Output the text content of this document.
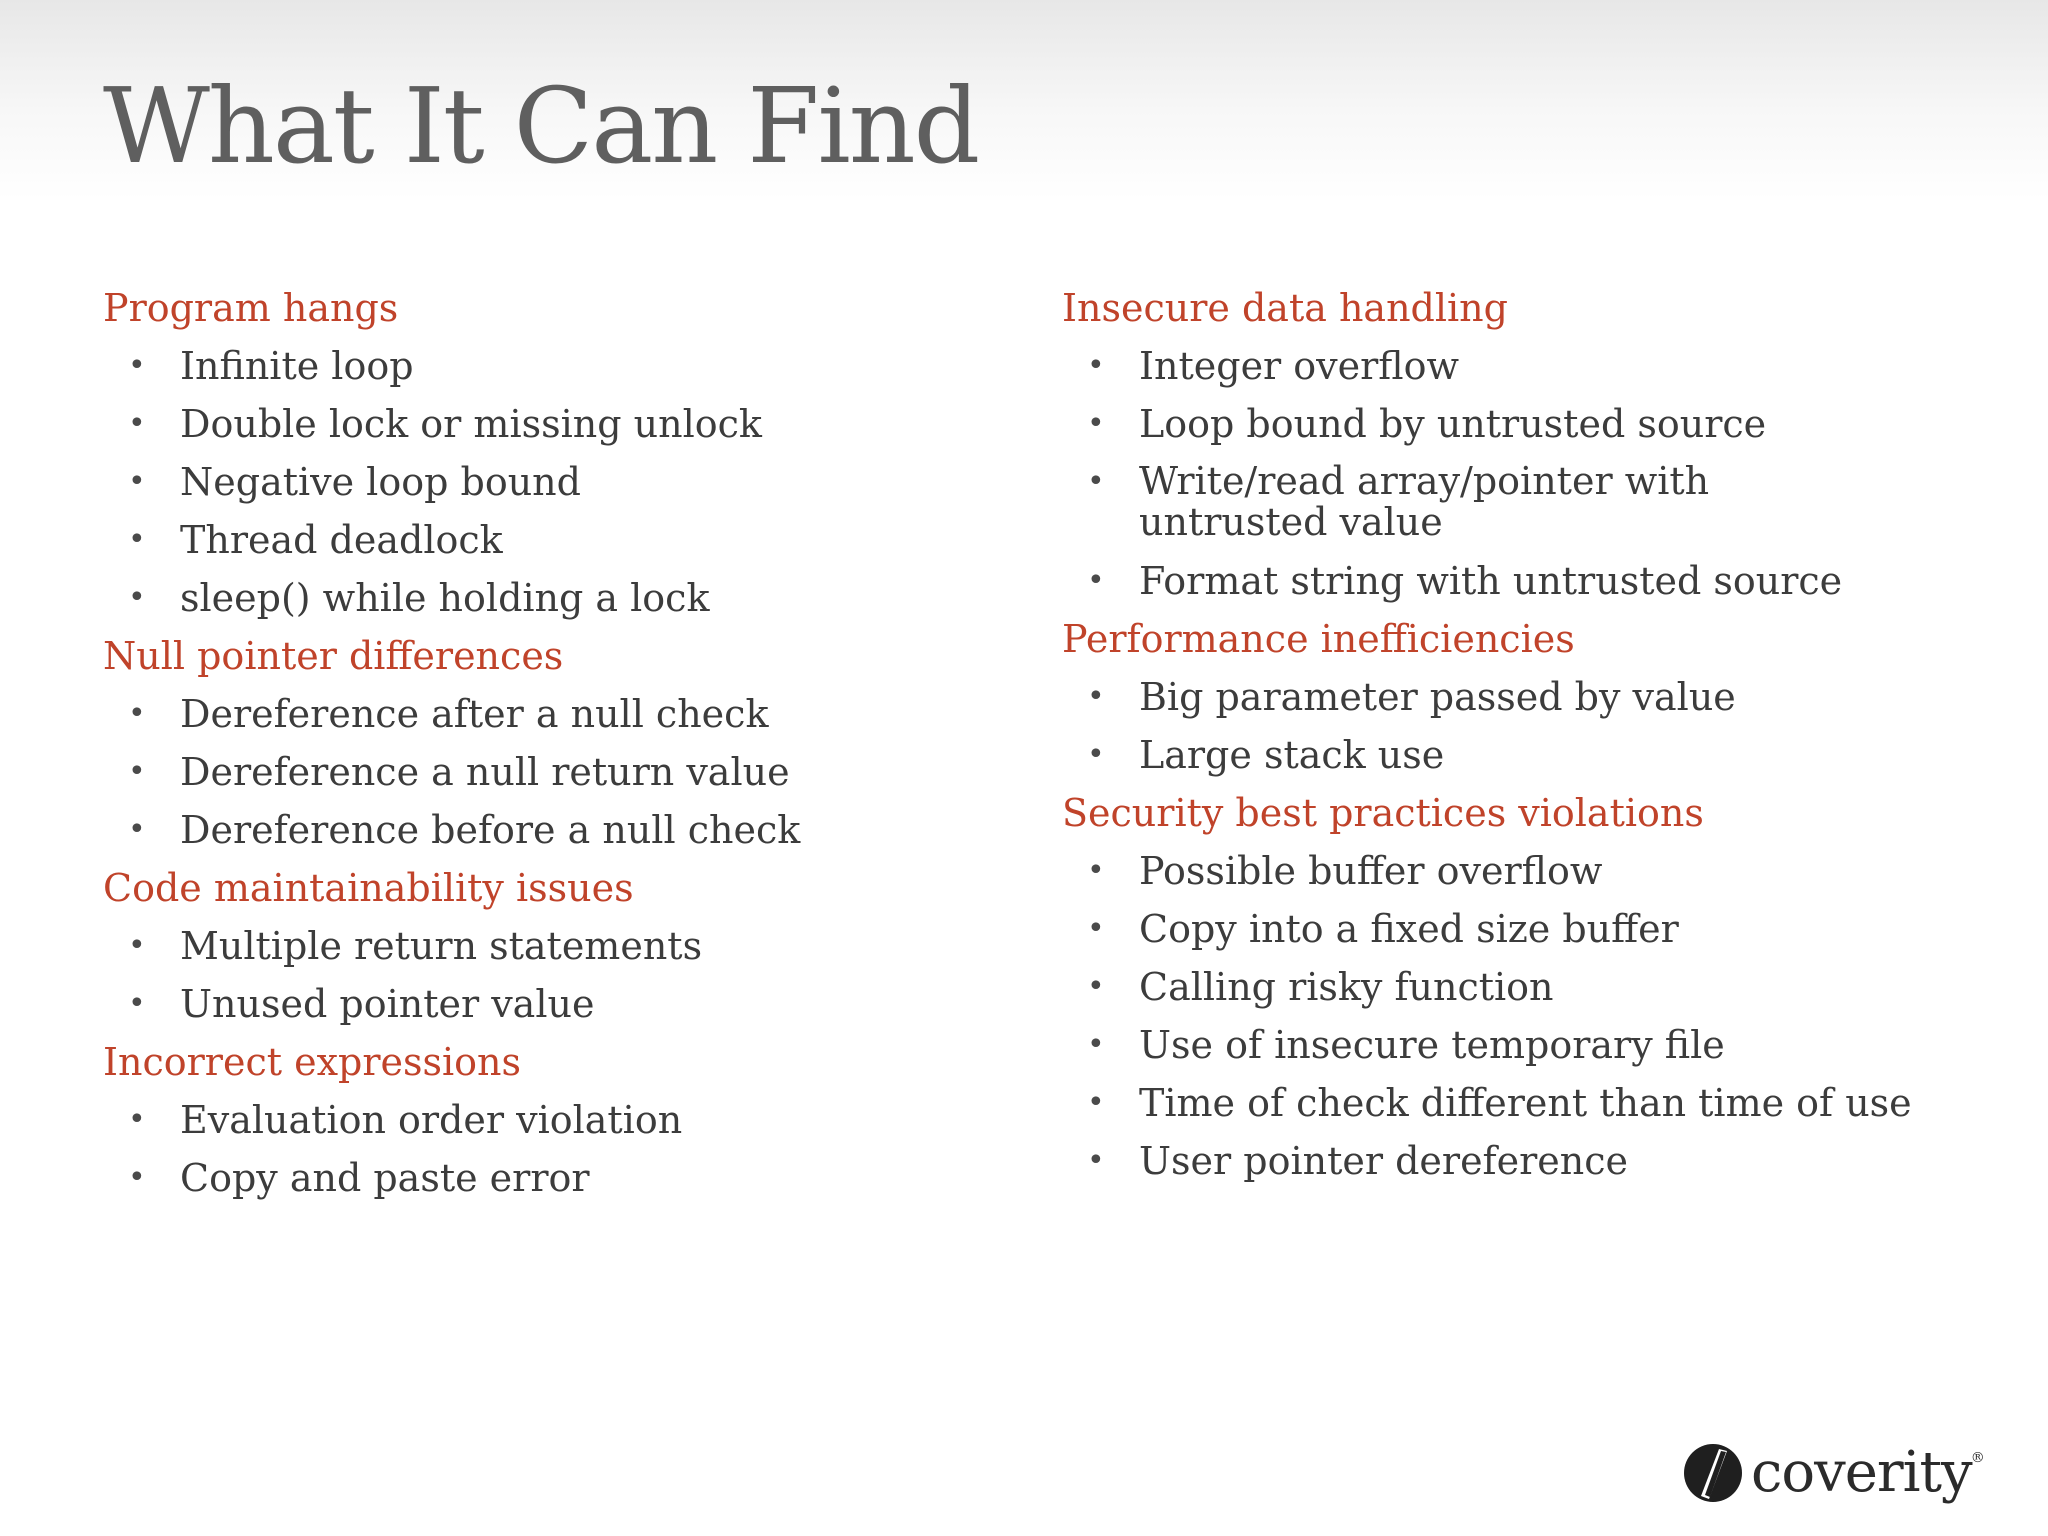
What It Can Find
Program hangs
• Infinite loop
• Double lock or missing unlock
• Negative loop bound
• Thread deadlock
• sleep() while holding a lock
Null pointer differences
• Dereference after a null check
• Dereference a null return value
• Dereference before a null check
Code maintainability issues
• Multiple return statements
• Unused pointer value
Incorrect expressions
• Evaluation order violation
• Copy and paste error
Insecure data handling
• Integer overflow
• Loop bound by untrusted source
• Write/read array/pointer with untrusted value
• Format string with untrusted source
Performance inefficiencies
• Big parameter passed by value
• Large stack use
Security best practices violations
• Possible buffer overflow
• Copy into a fixed size buffer
• Calling risky function
• Use of insecure temporary file
• Time of check different than time of use
• User pointer dereference
coverity ®
